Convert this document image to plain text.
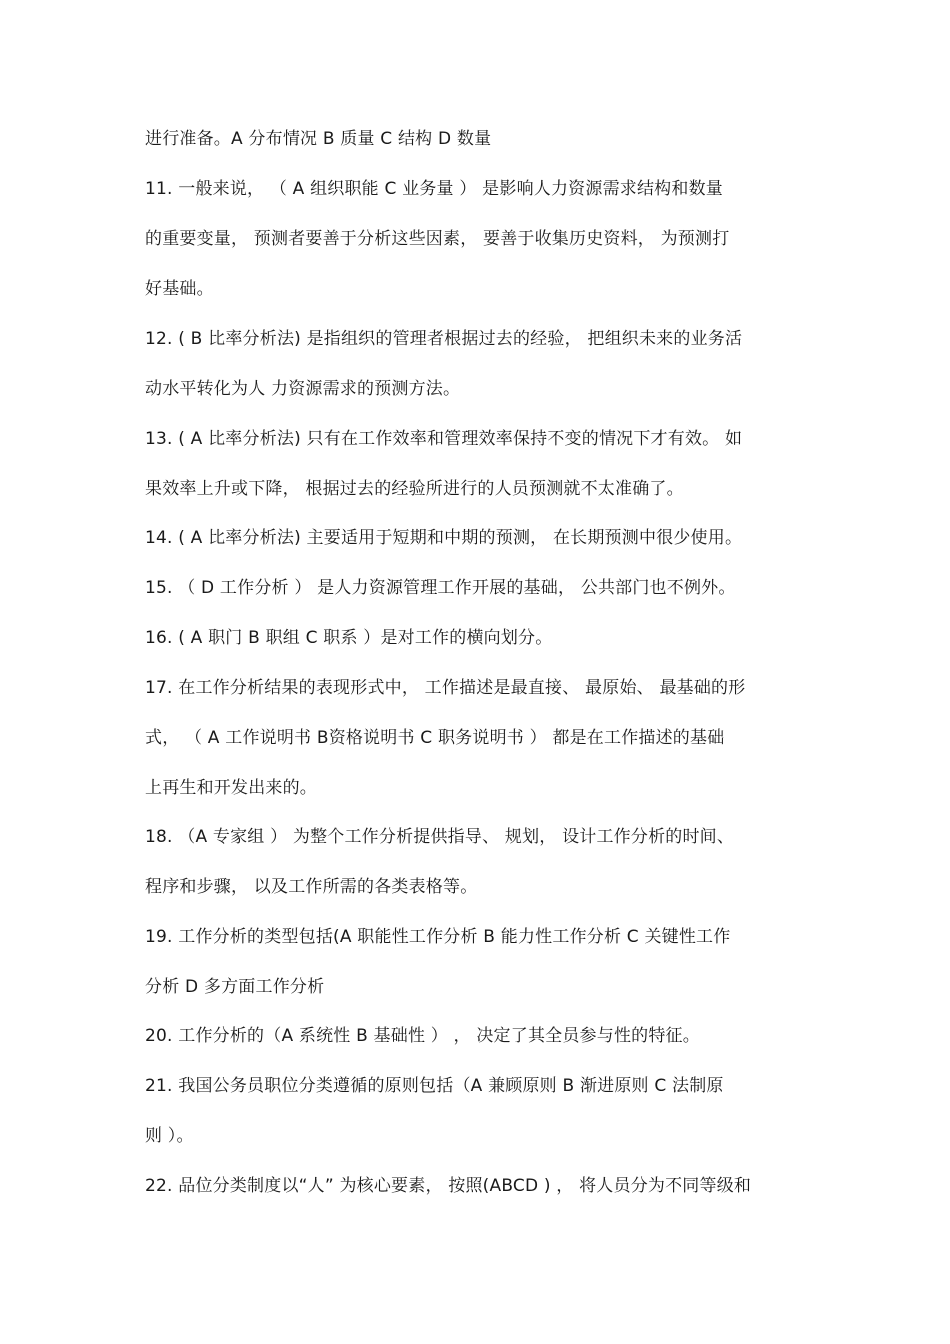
进行准备。A 分布情况 B 质量 C 结构 D 数量
11. 一般来说， （ A 组织职能 C 业务量 ） 是影响人力资源需求结构和数量
的重要变量， 预测者要善于分析这些因素， 要善于收集历史资料， 为预测打
好基础。
12. ( B 比率分析法) 是指组织的管理者根据过去的经验， 把组织未来的业务活
动水平转化为人 力资源需求的预测方法。
13. ( A 比率分析法) 只有在工作效率和管理效率保持不变的情况下才有效。 如
果效率上升或下降， 根据过去的经验所进行的人员预测就不太准确了。
14. ( A 比率分析法) 主要适用于短期和中期的预测， 在长期预测中很少使用。
15. （ D 工作分析 ） 是人力资源管理工作开展的基础， 公共部门也不例外。
16. ( A 职门 B 职组 C 职系 ）是对工作的横向划分。
17. 在工作分析结果的表现形式中， 工作描述是最直接、 最原始、 最基础的形
式， （ A 工作说明书 B资格说明书 C 职务说明书 ） 都是在工作描述的基础
上再生和开发出来的。
18. （A 专家组 ） 为整个工作分析提供指导、 规划， 设计工作分析的时间、
程序和步骤， 以及工作所需的各类表格等。
19. 工作分析的类型包括(A 职能性工作分析 B 能力性工作分析 C 关键性工作
分析 D 多方面工作分析
20. 工作分析的（A 系统性 B 基础性 ） ， 决定了其全员参与性的特征。
21. 我国公务员职位分类遵循的原则包括（A 兼顾原则 B 渐进原则 C 法制原
则 ）。
22. 品位分类制度以“人” 为核心要素， 按照(ABCD ) ， 将人员分为不同等级和
